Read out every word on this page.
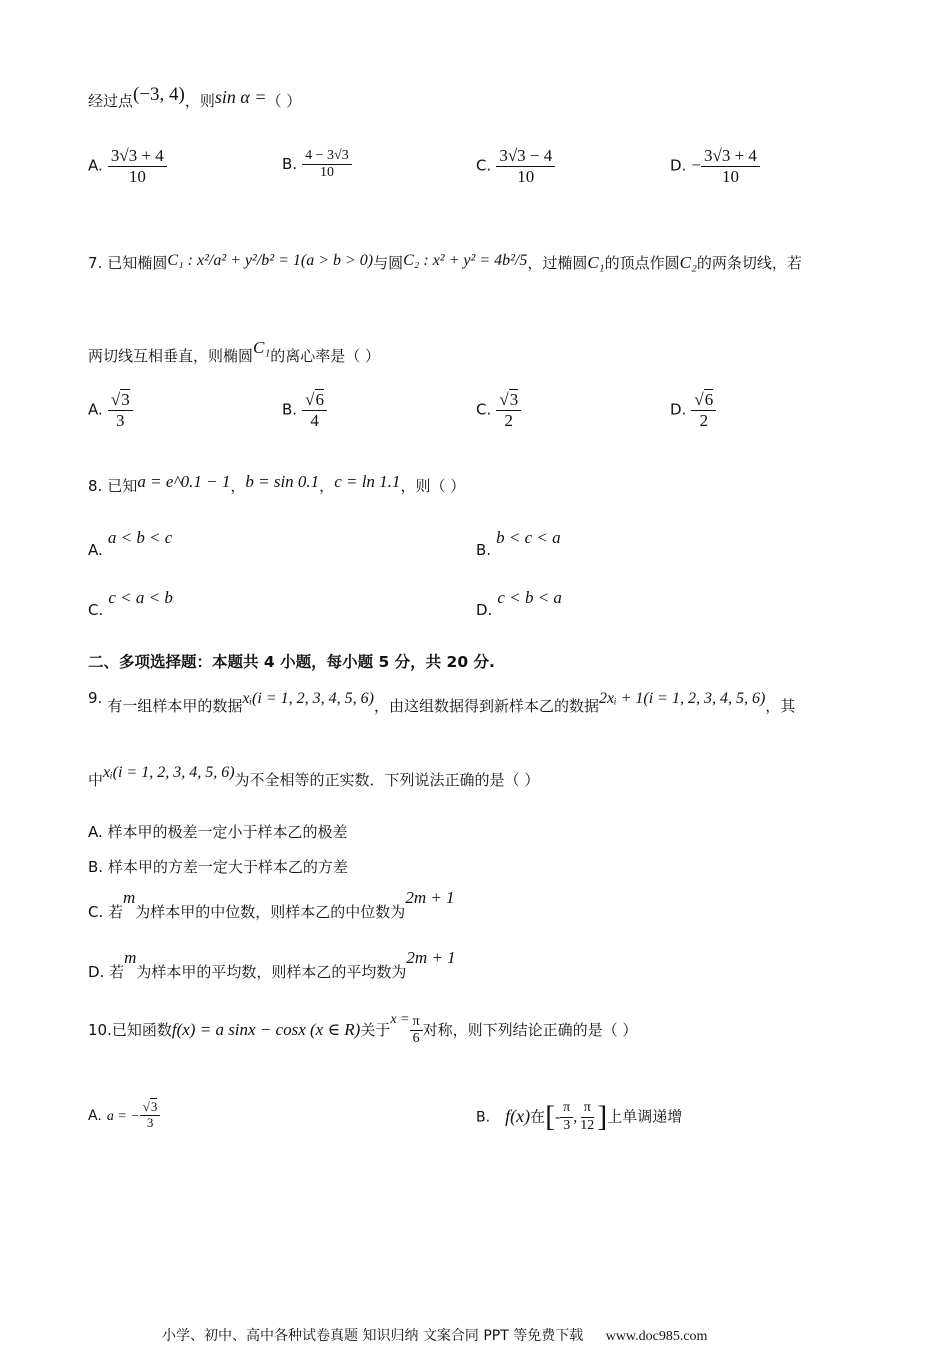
经过点(−3, 4)，则sin α =（ ）
A. $\frac{3√3 + 4}{10}$	B. $\frac{4 - 3√3}{10}$	C. $\frac{3√3 - 4}{10}$	D. − $\frac{3√3 + 4}{10}$
7. 已知椭圆C₁ : x²/a² + y²/b² = 1(a > b > 0)与圆C₂ : x² + y² = 4b²/5，过椭圆C₁的顶点作圆C₂的两条切线，若
两切线互相垂直，则椭圆C₁的离心率是（ ）
A. $\frac{√3}{3}$	B. $\frac{√6}{4}$	C. $\frac{√3}{2}$	D. $\frac{√6}{2}$
8. 已知a = e^0.1 − 1，b = sin 0.1，c = ln 1.1，则（ ）
A. a < b < c
B. b < c < a
C. c < a < b
D. c < b < a
二、多项选择题：本题共 4 小题，每小题 5 分，共 20 分.
9. 有一组样本甲的数据xᵢ(i = 1, 2, 3, 4, 5, 6)，由这组数据得到新样本乙的数据2xᵢ + 1(i = 1, 2, 3, 4, 5, 6)，其
中xᵢ(i = 1, 2, 3, 4, 5, 6)为不全相等的正实数．下列说法正确的是（ ）
A. 样本甲的极差一定小于样本乙的极差
B. 样本甲的方差一定大于样本乙的方差
C. 若m为样本甲的中位数，则样本乙的中位数为2m + 1
D. 若m为样本甲的平均数，则样本乙的平均数为2m + 1
10.已知函数f(x) = a sinx − cosx (x ∈ R)关于$x = \frac{\pi}{6}$ 对称，则下列结论正确的是（ ）
A. a = − $\frac{√3}{3}$	B. f(x)在[- $\frac{\pi}{3}$ , $\frac{\pi}{12}$ ]上单调递增
小学、初中、高中各种试卷真题 知识归纳 文案合同 PPT 等免费下载 www.doc985.com
